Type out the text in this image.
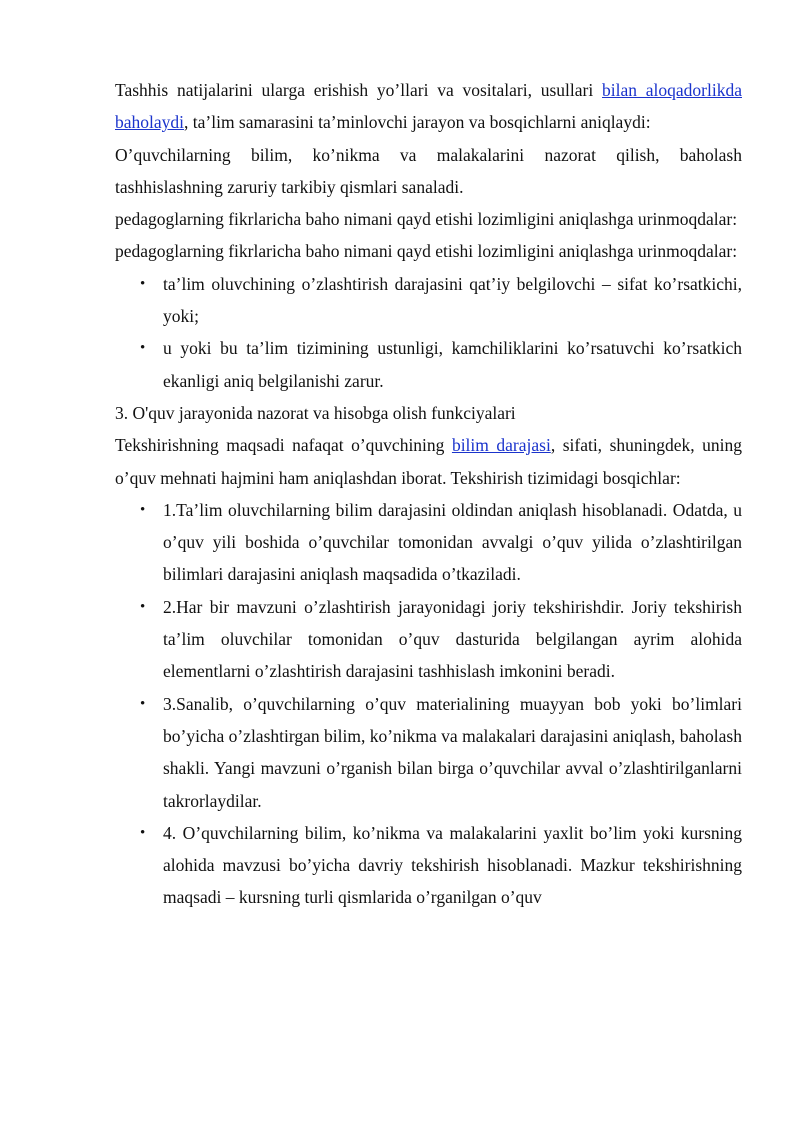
Tashhis natijalarini ularga erishish yo’llari va vositalari, usullari bilan aloqadorlikda baholaydi, ta’lim samarasini ta’minlovchi jarayon va bosqichlarni aniqlaydi:

O’quvchilarning bilim, ko’nikma va malakalarini nazorat qilish, baholash tashhislashning zaruriy tarkibiy qismlari sanaladi.

pedagoglarning fikrlaricha baho nimani qayd etishi lozimligini aniqlashga urinmoqdalar:

pedagoglarning fikrlaricha baho nimani qayd etishi lozimligini aniqlashga urinmoqdalar:

• ta’lim oluvchining o’zlashtirish darajasini qat’iy belgilovchi – sifat ko’rsatkichi, yoki;
• u yoki bu ta’lim tizimining ustunligi, kamchiliklarini ko’rsatuvchi ko’rsatkich ekanligi aniq belgilanishi zarur.

3. O'quv jarayonida nazorat va hisobga olish funkciyalari

Tekshirishning maqsadi nafaqat o’quvchining bilim darajasi, sifati, shuningdek, uning o’quv mehnati hajmini ham aniqlashdan iborat. Tekshirish tizimidagi bosqichlar:

• 1.Ta’lim oluvchilarning bilim darajasini oldindan aniqlash hisoblanadi. Odatda, u o’quv yili boshida o’quvchilar tomonidan avvalgi o’quv yilida o’zlashtirilgan bilimlari darajasini aniqlash maqsadida o’tkaziladi.
• 2.Har bir mavzuni o’zlashtirish jarayonidagi joriy tekshirishdir. Joriy tekshirish ta’lim oluvchilar tomonidan o’quv dasturida belgilangan ayrim alohida elementlarni o’zlashtirish darajasini tashhislash imkonini beradi.
• 3.Sanalib, o’quvchilarning o’quv materialining muayyan bob yoki bo’limlari bo’yicha o’zlashtirgan bilim, ko’nikma va malakalari darajasini aniqlash, baholash shakli. Yangi mavzuni o’rganish bilan birga o’quvchilar avval o’zlashtirilganlarni takrorlaydilar.
• 4. O’quvchilarning bilim, ko’nikma va malakalarini yaxlit bo’lim yoki kursning alohida mavzusi bo’yicha davriy tekshirish hisoblanadi. Mazkur tekshirishning maqsadi – kursning turli qismlarida o’rganilgan o’quv
